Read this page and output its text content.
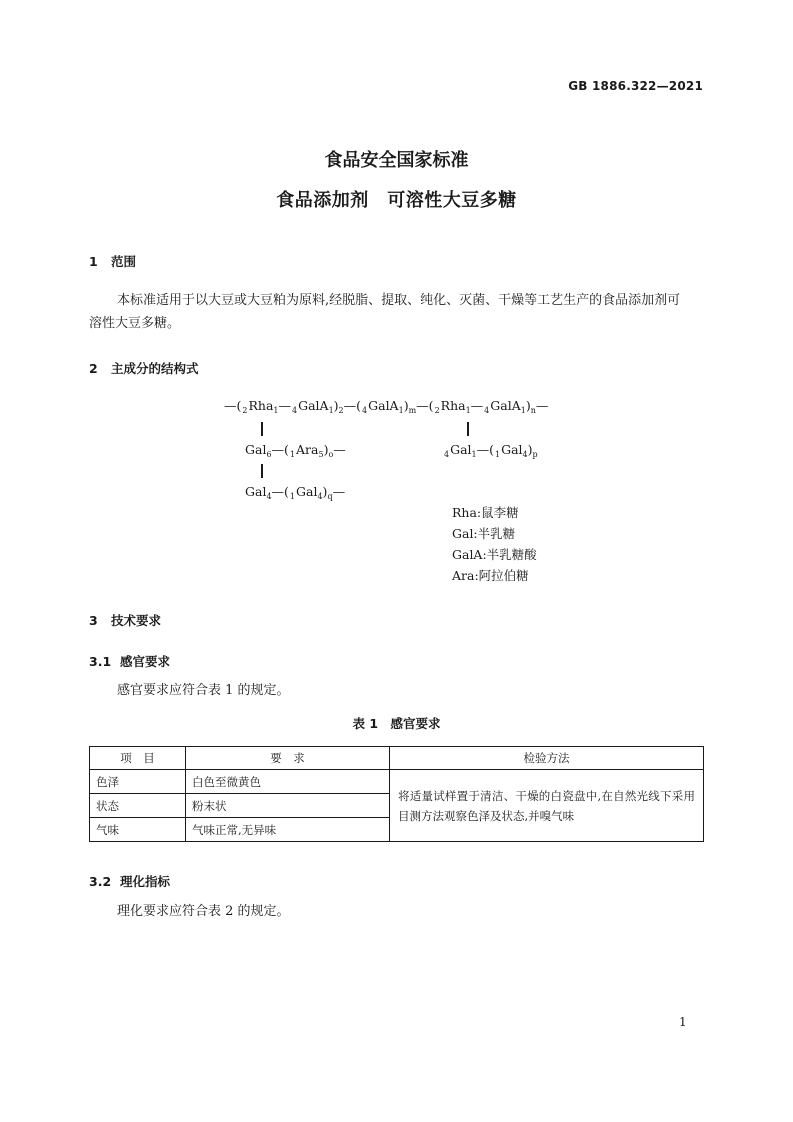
GB 1886.322—2021
食品安全国家标准
食品添加剂　可溶性大豆多糖
1 范围
本标准适用于以大豆或大豆粕为原料,经脱脂、提取、纯化、灭菌、干燥等工艺生产的食品添加剂可
溶性大豆多糖。
2 主成分的结构式
$—(_2Rha_1—_4GalA_1)_2—(_4GalA_1)_m—(_2Rha_1—_4GalA_1)_n—$
$Gal_6—(_1Ara_5)_o—$	$_4Gal_1—(_1Gal_4)_p$
$Gal_4—(_1Gal_4)_q—$
Rha:鼠李糖
Gal:半乳糖
GalA:半乳糖酸
Ara:阿拉伯糖
3 技术要求
3.1 感官要求
感官要求应符合表 1 的规定。
表 1　感官要求
项　目	要　求	检验方法
色泽	白色至微黄色	将适量试样置于清洁、干燥的白瓷盘中,在自然光线下采用目测方法观察色泽及状态,并嗅气味
状态	粉末状	
气味	气味正常,无异味	
3.2 理化指标
理化要求应符合表 2 的规定。
1
